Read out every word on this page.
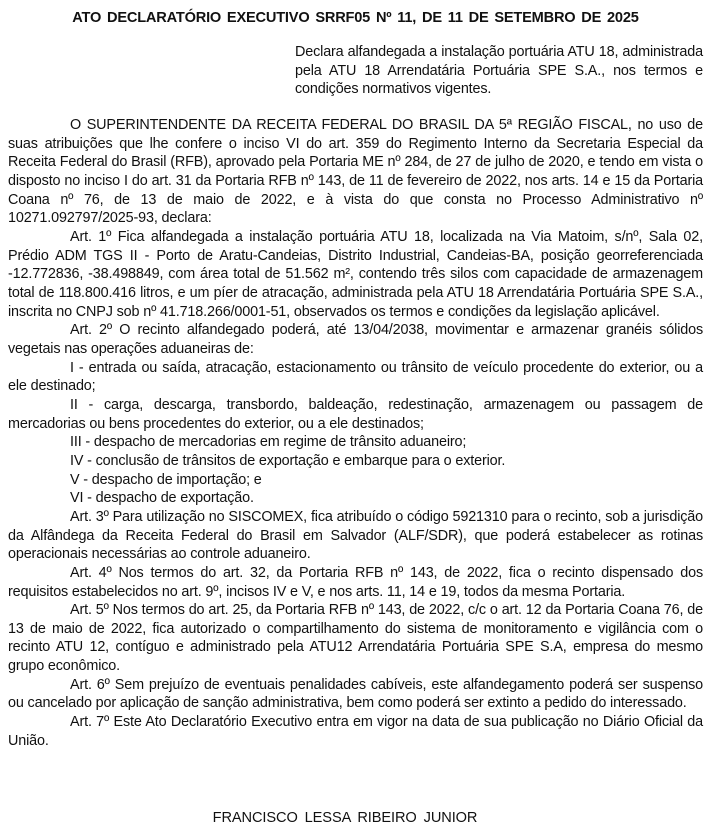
ATO DECLARATÓRIO EXECUTIVO SRRF05 Nº 11, DE 11 DE SETEMBRO DE 2025
Declara alfandegada a instalação portuária ATU 18, administrada pela ATU 18 Arrendatária Portuária SPE S.A., nos termos e condições normativos vigentes.

O SUPERINTENDENTE DA RECEITA FEDERAL DO BRASIL DA 5ª REGIÃO FISCAL, no uso de suas atribuições que lhe confere o inciso VI do art. 359 do Regimento Interno da Secretaria Especial da Receita Federal do Brasil (RFB), aprovado pela Portaria ME nº 284, de 27 de julho de 2020, e tendo em vista o disposto no inciso I do art. 31 da Portaria RFB nº 143, de 11 de fevereiro de 2022, nos arts. 14 e 15 da Portaria Coana nº 76, de 13 de maio de 2022, e à vista do que consta no Processo Administrativo nº 10271.092797/2025-93, declara:

Art. 1º Fica alfandegada a instalação portuária ATU 18, localizada na Via Matoim, s/nº, Sala 02, Prédio ADM TGS II - Porto de Aratu-Candeias, Distrito Industrial, Candeias-BA, posição georreferenciada -12.772836, -38.498849, com área total de 51.562 m², contendo três silos com capacidade de armazenagem total de 118.800.416 litros, e um píer de atracação, administrada pela ATU 18 Arrendatária Portuária SPE S.A., inscrita no CNPJ sob nº 41.718.266/0001-51, observados os termos e condições da legislação aplicável.

Art. 2º O recinto alfandegado poderá, até 13/04/2038, movimentar e armazenar granéis sólidos vegetais nas operações aduaneiras de:

I - entrada ou saída, atracação, estacionamento ou trânsito de veículo procedente do exterior, ou a ele destinado;

II - carga, descarga, transbordo, baldeação, redestinação, armazenagem ou passagem de mercadorias ou bens procedentes do exterior, ou a ele destinados;

III - despacho de mercadorias em regime de trânsito aduaneiro;

IV - conclusão de trânsitos de exportação e embarque para o exterior.

V - despacho de importação; e

VI - despacho de exportação.

Art. 3º Para utilização no SISCOMEX, fica atribuído o código 5921310 para o recinto, sob a jurisdição da Alfândega da Receita Federal do Brasil em Salvador (ALF/SDR), que poderá estabelecer as rotinas operacionais necessárias ao controle aduaneiro.

Art. 4º Nos termos do art. 32, da Portaria RFB nº 143, de 2022, fica o recinto dispensado dos requisitos estabelecidos no art. 9º, incisos IV e V, e nos arts. 11, 14 e 19, todos da mesma Portaria.

Art. 5º Nos termos do art. 25, da Portaria RFB nº 143, de 2022, c/c o art. 12 da Portaria Coana 76, de 13 de maio de 2022, fica autorizado o compartilhamento do sistema de monitoramento e vigilância com o recinto ATU 12, contíguo e administrado pela ATU12 Arrendatária Portuária SPE S.A, empresa do mesmo grupo econômico.

Art. 6º Sem prejuízo de eventuais penalidades cabíveis, este alfandegamento poderá ser suspenso ou cancelado por aplicação de sanção administrativa, bem como poderá ser extinto a pedido do interessado.

Art. 7º Este Ato Declaratório Executivo entra em vigor na data de sua publicação no Diário Oficial da União.

FRANCISCO LESSA RIBEIRO JUNIOR
